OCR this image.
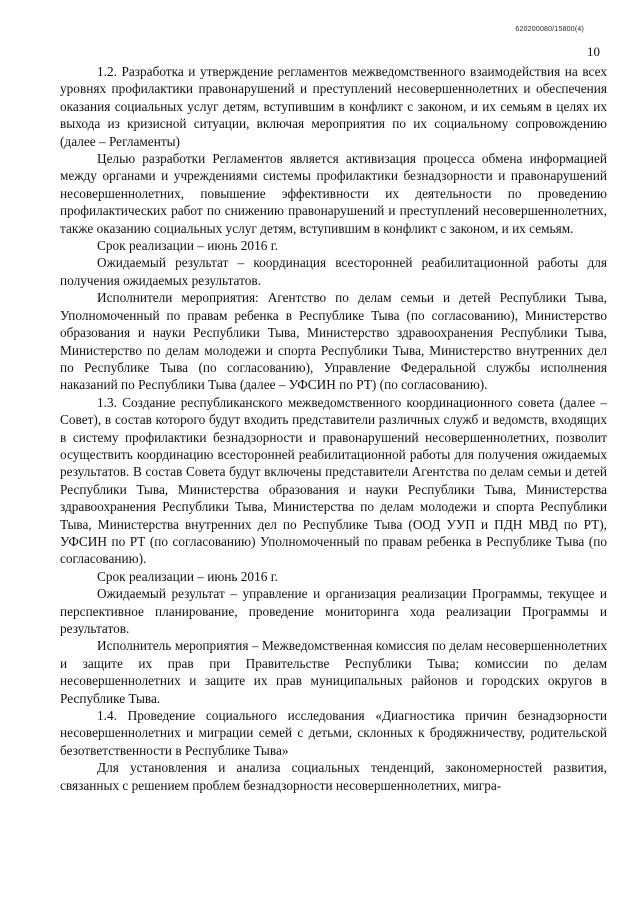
620200080/15800(4)
10

1.2. Разработка и утверждение регламентов межведомственного взаимодействия на всех уровнях профилактики правонарушений и преступлений несовершеннолетних и обеспечения оказания социальных услуг детям, вступившим в конфликт с законом, и их семьям в целях их выхода из кризисной ситуации, включая мероприятия по их социальному сопровождению (далее – Регламенты)

Целью разработки Регламентов является активизация процесса обмена информацией между органами и учреждениями системы профилактики безнадзорности и правонарушений несовершеннолетних, повышение эффективности их деятельности по проведению профилактических работ по снижению правонарушений и преступлений несовершеннолетних, также оказанию социальных услуг детям, вступившим в конфликт с законом, и их семьям.

Срок реализации – июнь 2016 г.

Ожидаемый результат – координация всесторонней реабилитационной работы для получения ожидаемых результатов.

Исполнители мероприятия: Агентство по делам семьи и детей Республики Тыва, Уполномоченный по правам ребенка в Республике Тыва (по согласованию), Министерство образования и науки Республики Тыва, Министерство здравоохранения Республики Тыва, Министерство по делам молодежи и спорта Республики Тыва, Министерство внутренних дел по Республике Тыва (по согласованию), Управление Федеральной службы исполнения наказаний по Республики Тыва (далее – УФСИН по РТ) (по согласованию).

1.3. Создание республиканского межведомственного координационного совета (далее – Совет), в состав которого будут входить представители различных служб и ведомств, входящих в систему профилактики безнадзорности и правонарушений несовершеннолетних, позволит осуществить координацию всесторонней реабилитационной работы для получения ожидаемых результатов. В состав Совета будут включены представители Агентства по делам семьи и детей Республики Тыва, Министерства образования и науки Республики Тыва, Министерства здравоохранения Республики Тыва, Министерства по делам молодежи и спорта Республики Тыва, Министерства внутренних дел по Республике Тыва (ООД УУП и ПДН МВД по РТ), УФСИН по РТ (по согласованию) Уполномоченный по правам ребенка в Республике Тыва (по согласованию).

Срок реализации – июнь 2016 г.

Ожидаемый результат – управление и организация реализации Программы, текущее и перспективное планирование, проведение мониторинга хода реализации Программы и результатов.

Исполнитель мероприятия – Межведомственная комиссия по делам несовершеннолетних и защите их прав при Правительстве Республики Тыва; комиссии по делам несовершеннолетних и защите их прав муниципальных районов и городских округов в Республике Тыва.

1.4. Проведение социального исследования «Диагностика причин безнадзорности несовершеннолетних и миграции семей с детьми, склонных к бродяжничеству, родительской безответственности в Республике Тыва»

Для установления и анализа социальных тенденций, закономерностей развития, связанных с решением проблем безнадзорности несовершеннолетних, мигра-
